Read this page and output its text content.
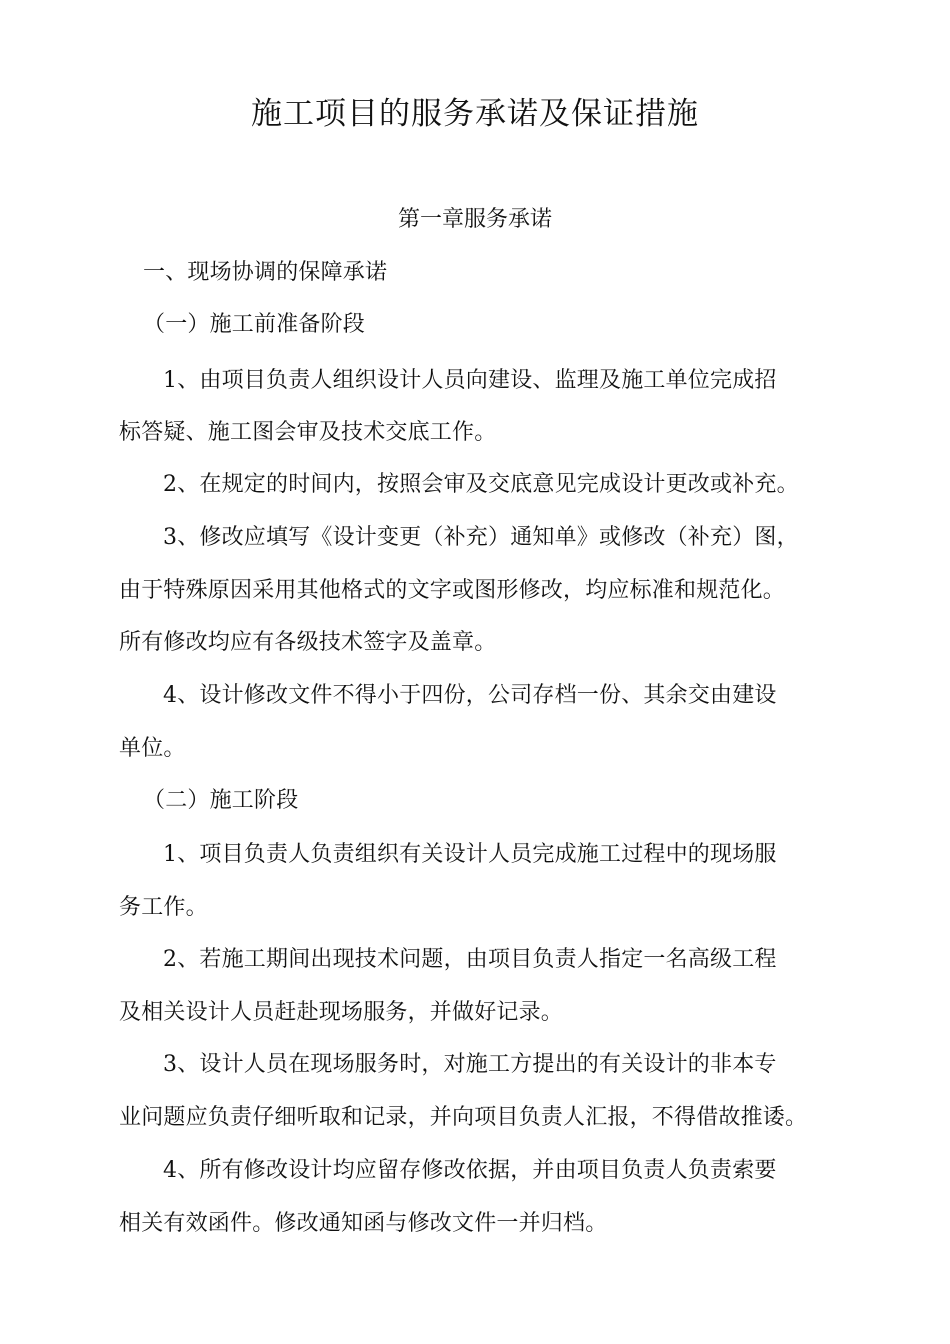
施工项目的服务承诺及保证措施
第一章服务承诺
一、现场协调的保障承诺
（一）施工前准备阶段
1、由项目负责人组织设计人员向建设、监理及施工单位完成招
标答疑、施工图会审及技术交底工作。
2、在规定的时间内，按照会审及交底意见完成设计更改或补充。
3、修改应填写《设计变更（补充）通知单》或修改（补充）图，
由于特殊原因采用其他格式的文字或图形修改，均应标准和规范化。
所有修改均应有各级技术签字及盖章。
4、设计修改文件不得小于四份，公司存档一份、其余交由建设
单位。
（二）施工阶段
1、项目负责人负责组织有关设计人员完成施工过程中的现场服
务工作。
2、若施工期间出现技术问题，由项目负责人指定一名高级工程
及相关设计人员赶赴现场服务，并做好记录。
3、设计人员在现场服务时，对施工方提出的有关设计的非本专
业问题应负责仔细听取和记录，并向项目负责人汇报，不得借故推诿。
4、所有修改设计均应留存修改依据，并由项目负责人负责索要
相关有效函件。修改通知函与修改文件一并归档。
